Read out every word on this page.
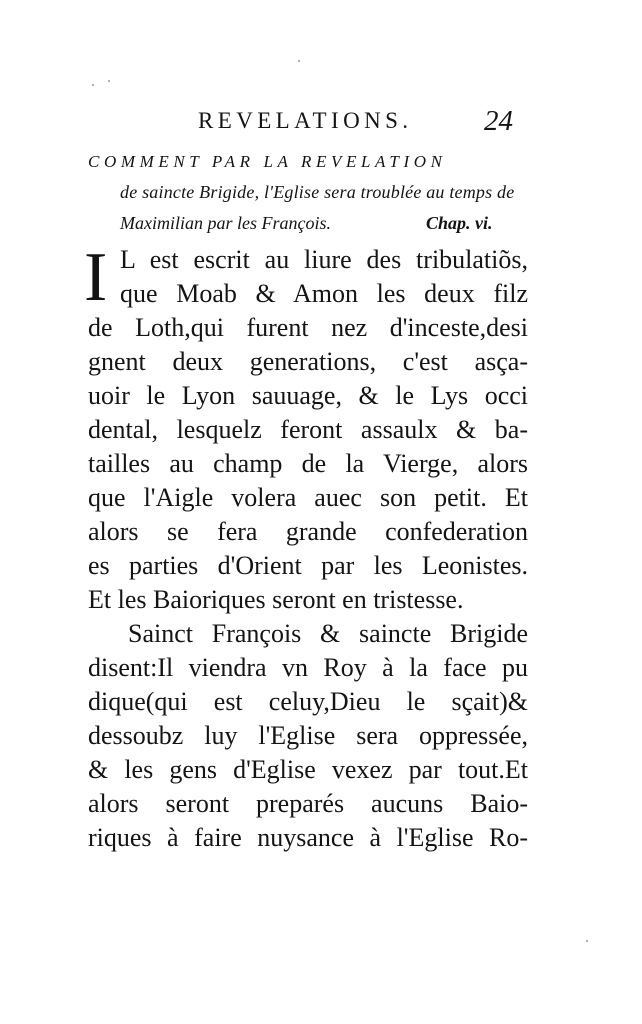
REVELATIONS. 24
COMMENT PAR LA REVELATION
de saincte Brigide, l'Eglise sera troublée au temps de
Maximilian par les François.	Chap. vi.
I L est escrit au liure des tribulatiõs,
que Moab & Amon les deux filz
de Loth,qui furent nez d'inceste,desi
gnent deux generations, c'est asça-
uoir le Lyon sauuage, & le Lys occi
dental, lesquelz feront assaulx & ba-
tailles au champ de la Vierge, alors
que l'Aigle volera auec son petit. Et
alors se fera grande confederation
es parties d'Orient par les Leonistes.
Et les Baioriques seront en tristesse.
Sainct François & saincte Brigide
disent:Il viendra vn Roy à la face pu
dique(qui est celuy,Dieu le sçait)&
dessoubz luy l'Eglise sera oppressée,
& les gens d'Eglise vexez par tout.Et
alors seront preparés aucuns Baio-
riques à faire nuysance à l'Eglise Ro-
